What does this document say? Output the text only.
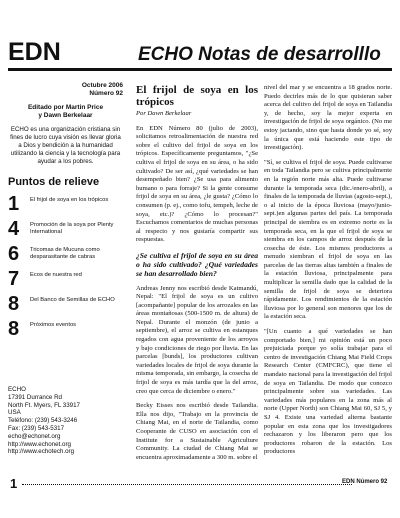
EDN	ECHO Notas de desarrolllo
Octubre 2006
Número 92
Editado por Martin Price
y Dawn Berkelaar
ECHO es una organización cristiana sin fines de lucro cuya visión es llevar gloria a Dios y bendición a la humanidad utilizando la ciencia y la tecnología para ayudar a los pobres.
Puntos de relieve
1	El frijol de soya en los trópicos
4	Promoción de la soya por Plenty International
6	Tricomas de Mucuna como desparasitante de cabras
7	Ecos de nuestra red
8	Del Banco de Semillas de ECHO
8	Próximos eventos
ECHO
17391 Durrance Rd
North Ft. Myers, FL 33917
USA
Teléfono: (239) 543-3246
Fax: (239) 543-5317
echo@echonet.org
http://www.echonet.org
http://www.echotech.org
El frijol de soya en los trópicos
Por Dawn Berkelaar

En EDN Número 80 (julio de 2003), solicitamos retroalimentación de nuestra red sobre el cultivo del frijol de soya en los trópicos. Específicamente preguntamos, "¿Se cultiva el frijol de soya en su área, o ha sido cultivado? De ser así, ¿qué variedades se han desempeñado bien? ¿Se usa para alimento humano o para forraje? Si la gente consume frijol de soya en su área, ¿le gusta? ¿Cómo lo consumen (p. ej., como tofu, tempeh, leche de soya, etc.)? ¿Cómo lo procesan?" Escuchamos comentarios de muchas personas al respecto y nos gustaría compartir sus respuestas.

¿Se cultiva el frijol de soya en su área o ha sido cultivado? ¿Qué variedades se han desarrollado bien?

Andreas Jenny nos escribió desde Katmandú, Nepal: "El frijol de soya es un cultivo [acompañante] popular de los arrozales en las áreas montañosas (500-1500 m. de altura) de Nepal. Durante el monzón (de junio a septiembre), el arroz se cultiva en estanques regados con agua proveniente de los arroyos y bajo condiciones de riego por lluvia. En las parcelas [bunds], los productores cultivan variedades locales de frijol de soya durante la misma temporada, sin embargo, la cosecha de frijol de soya es más tardía que la del arroz, creo que cerca de diciembre o enero."

Becky Eisses nos escribió desde Tailandia. Ella nos dijo, "Trabajo en la provincia de Chiang Mai, en el norte de Tailandia, como Cooperante de CUSO en asociación con el Institute for a Sustainable Agriculture Community. La ciudad de Chiang Mai se encuentra aproximadamente a 300 m. sobre el

nivel del mar y se encuentra a 18 grados norte. Puedo decirles más de lo que quisieran saber acerca del cultivo del frijol de soya en Tailandia y, de hecho, soy la mejor experta en investigación de frijol de soya orgánico. (No me estoy jactando, sino que hasta donde yo sé, soy la única que está haciendo este tipo de investigación).

"Sí, se cultiva el frijol de soya. Puede cultivarse en toda Tailandia pero se cultiva principalmente en la región norte más alta. Puede cultivarse durante la temporada seca (dic./enero-abril), a finales de la temporada de lluvias (agosto-sept.), o al inicio de la época lluviosa (mayo/junio-sept.)en algunas partes del país. La temporada principal de siembra es en extremo norte es la temporada seca, en la que el frijol de soya se siembra en los campos de arroz después de la cosecha de éste. Los mismos productores a menudo siembran el frijol de soya en las parcelas de las tierras altas también a finales de la estación lluviosa, principalmente para multiplicar la semilla dado que la calidad de la semilla de frijol de soya se deteriora rápidamente. Los rendimientos de la estación lluviosa por lo general son menores que los de la estación seca.

"[Un cuanto a qué variedades se han comportado bien,] mi opinión está un poco prejuiciada porque yo solía trabajar para el centro de investigación Chiang Mai Field Crops Research Center (CMFCRC), que tiene el mandato nacional para la investigación del frijol de soya en Tailandia. De modo que conozco principalmente sobre sus variedades. Las variedades más populares en la zona más al norte (Upper North) son Chiang Mai 60, SJ 5, y SJ 4. Existe una variedad alterna bastante popular en esta zona que los investigadores rechazaron y los liberaron pero que los productores robaron de la estación. Los productores

1	EDN Número 92
